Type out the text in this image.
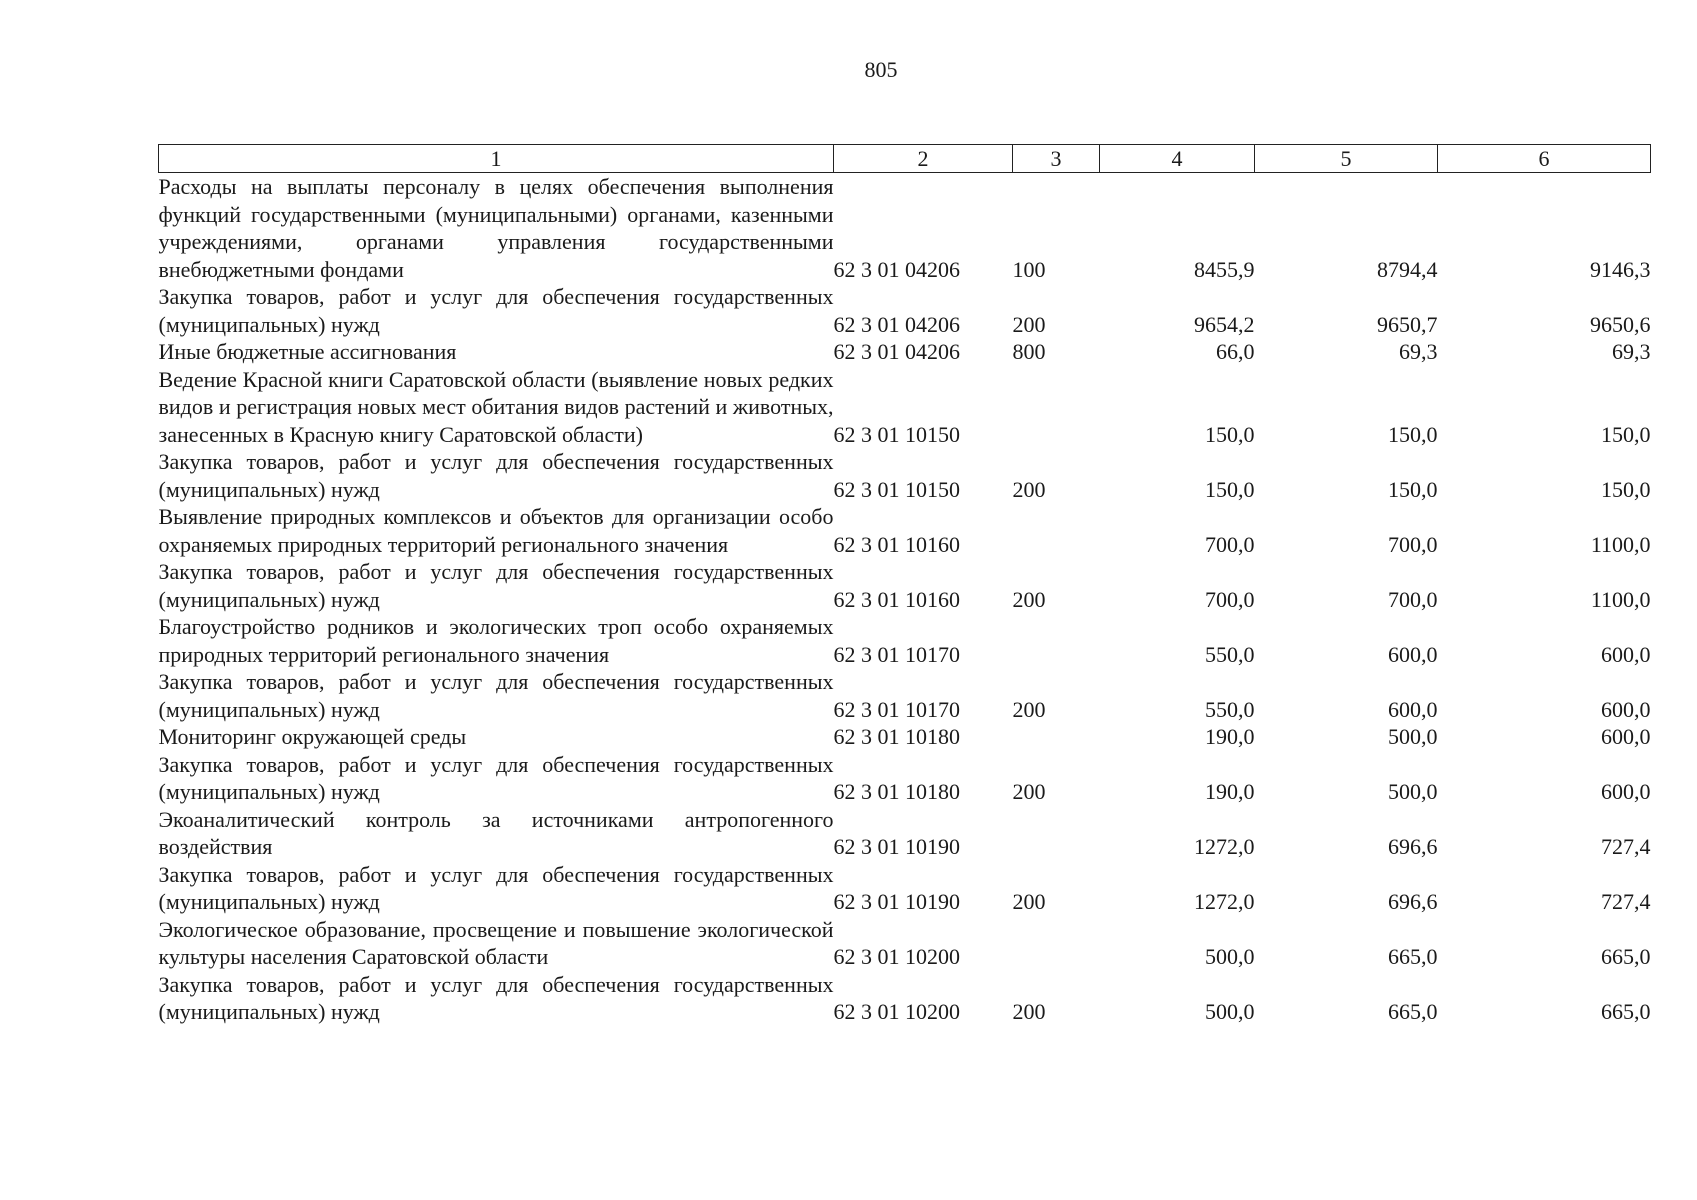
805
1	2	3	4	5	6
Расходы на выплаты персоналу в целях обеспечения выполнения функций государственными (муниципальными) органами, казенными учреждениями, органами управления государственными внебюджетными фондами	62 3 01 04206	100	8455,9	8794,4	9146,3
Закупка товаров, работ и услуг для обеспечения государственных (муниципальных) нужд	62 3 01 04206	200	9654,2	9650,7	9650,6
Иные бюджетные ассигнования	62 3 01 04206	800	66,0	69,3	69,3
Ведение Красной книги Саратовской области (выявление новых редких видов и регистрация новых мест обитания видов растений и животных, занесенных в Красную книгу Саратовской области)	62 3 01 10150		150,0	150,0	150,0
Закупка товаров, работ и услуг для обеспечения государственных (муниципальных) нужд	62 3 01 10150	200	150,0	150,0	150,0
Выявление природных комплексов и объектов для организации особо охраняемых природных территорий регионального значения	62 3 01 10160		700,0	700,0	1100,0
Закупка товаров, работ и услуг для обеспечения государственных (муниципальных) нужд	62 3 01 10160	200	700,0	700,0	1100,0
Благоустройство родников и экологических троп особо охраняемых природных территорий регионального значения	62 3 01 10170		550,0	600,0	600,0
Закупка товаров, работ и услуг для обеспечения государственных (муниципальных) нужд	62 3 01 10170	200	550,0	600,0	600,0
Мониторинг окружающей среды	62 3 01 10180		190,0	500,0	600,0
Закупка товаров, работ и услуг для обеспечения государственных (муниципальных) нужд	62 3 01 10180	200	190,0	500,0	600,0
Экоаналитический контроль за источниками антропогенного воздействия	62 3 01 10190		1272,0	696,6	727,4
Закупка товаров, работ и услуг для обеспечения государственных (муниципальных) нужд	62 3 01 10190	200	1272,0	696,6	727,4
Экологическое образование, просвещение и повышение экологической культуры населения Саратовской области	62 3 01 10200		500,0	665,0	665,0
Закупка товаров, работ и услуг для обеспечения государственных (муниципальных) нужд	62 3 01 10200	200	500,0	665,0	665,0
